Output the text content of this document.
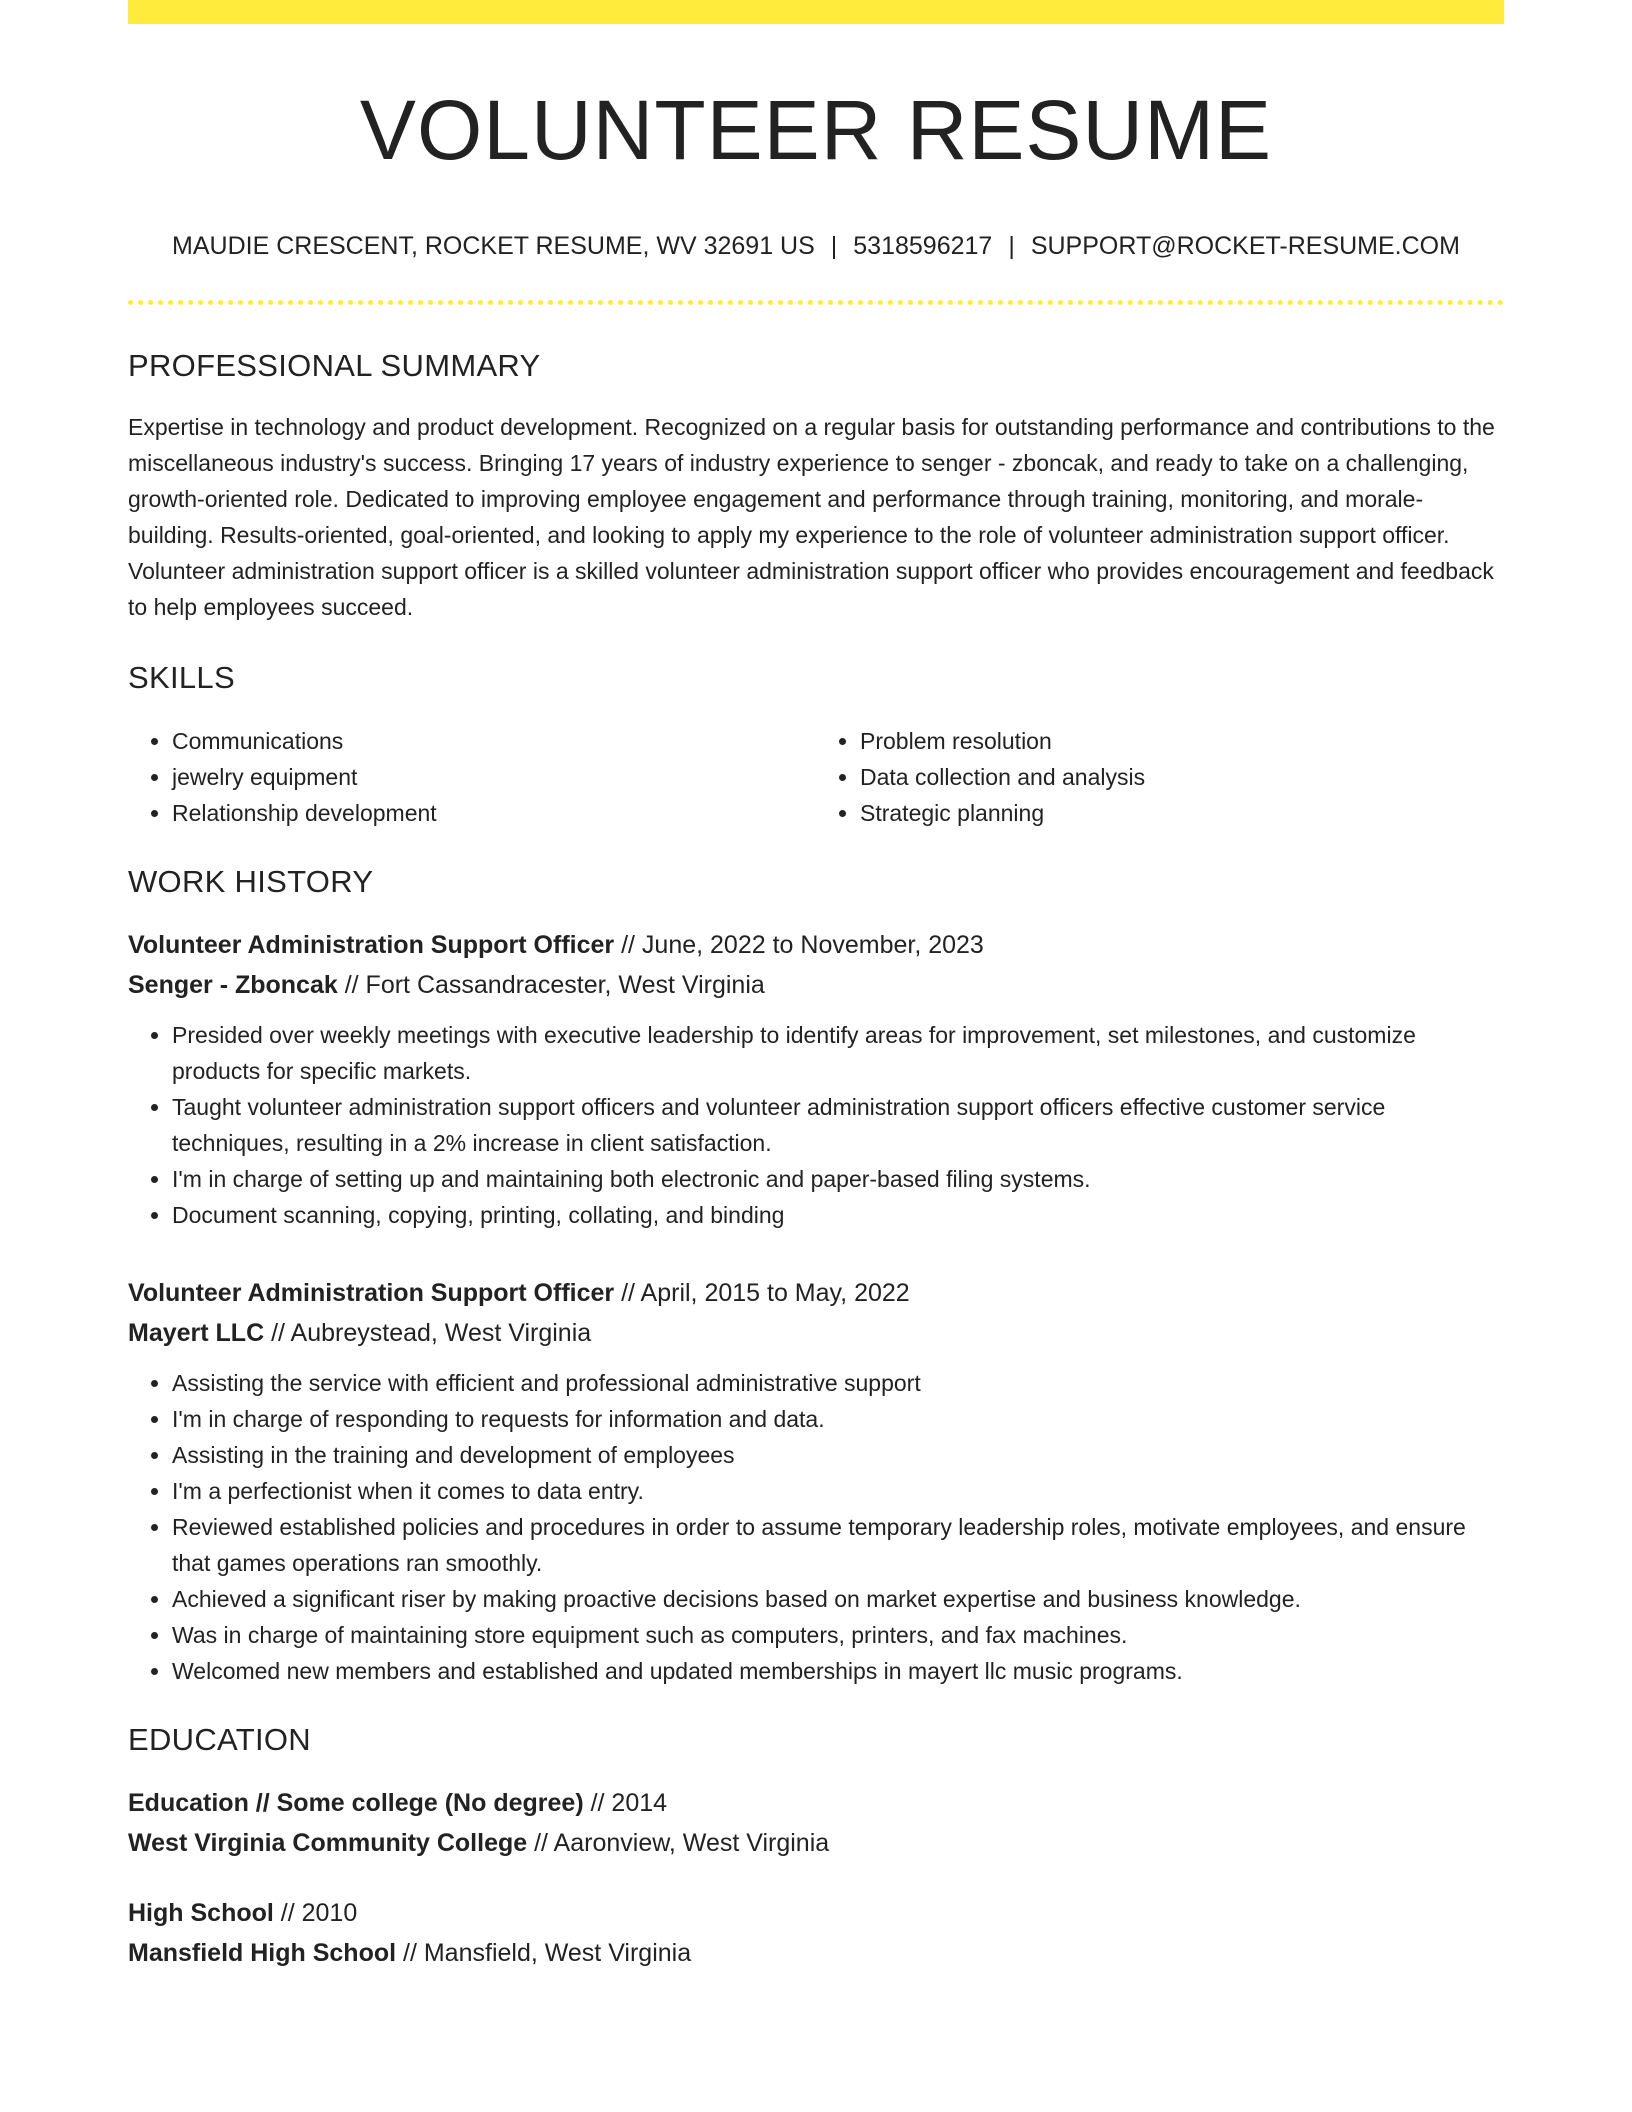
VOLUNTEER RESUME
MAUDIE CRESCENT, ROCKET RESUME, WV 32691 US | 5318596217 | SUPPORT@ROCKET-RESUME.COM
PROFESSIONAL SUMMARY
Expertise in technology and product development. Recognized on a regular basis for outstanding performance and contributions to the miscellaneous industry's success. Bringing 17 years of industry experience to senger - zboncak, and ready to take on a challenging, growth-oriented role. Dedicated to improving employee engagement and performance through training, monitoring, and morale-building. Results-oriented, goal-oriented, and looking to apply my experience to the role of volunteer administration support officer. Volunteer administration support officer is a skilled volunteer administration support officer who provides encouragement and feedback to help employees succeed.
SKILLS
• Communications
• jewelry equipment
• Relationship development
• Problem resolution
• Data collection and analysis
• Strategic planning
WORK HISTORY
Volunteer Administration Support Officer // June, 2022 to November, 2023
Senger - Zboncak // Fort Cassandracester, West Virginia
• Presided over weekly meetings with executive leadership to identify areas for improvement, set milestones, and customize products for specific markets.
• Taught volunteer administration support officers and volunteer administration support officers effective customer service techniques, resulting in a 2% increase in client satisfaction.
• I'm in charge of setting up and maintaining both electronic and paper-based filing systems.
• Document scanning, copying, printing, collating, and binding
Volunteer Administration Support Officer // April, 2015 to May, 2022
Mayert LLC // Aubreystead, West Virginia
• Assisting the service with efficient and professional administrative support
• I'm in charge of responding to requests for information and data.
• Assisting in the training and development of employees
• I'm a perfectionist when it comes to data entry.
• Reviewed established policies and procedures in order to assume temporary leadership roles, motivate employees, and ensure that games operations ran smoothly.
• Achieved a significant riser by making proactive decisions based on market expertise and business knowledge.
• Was in charge of maintaining store equipment such as computers, printers, and fax machines.
• Welcomed new members and established and updated memberships in mayert llc music programs.
EDUCATION
Education // Some college (No degree) // 2014
West Virginia Community College // Aaronview, West Virginia
High School // 2010
Mansfield High School // Mansfield, West Virginia
